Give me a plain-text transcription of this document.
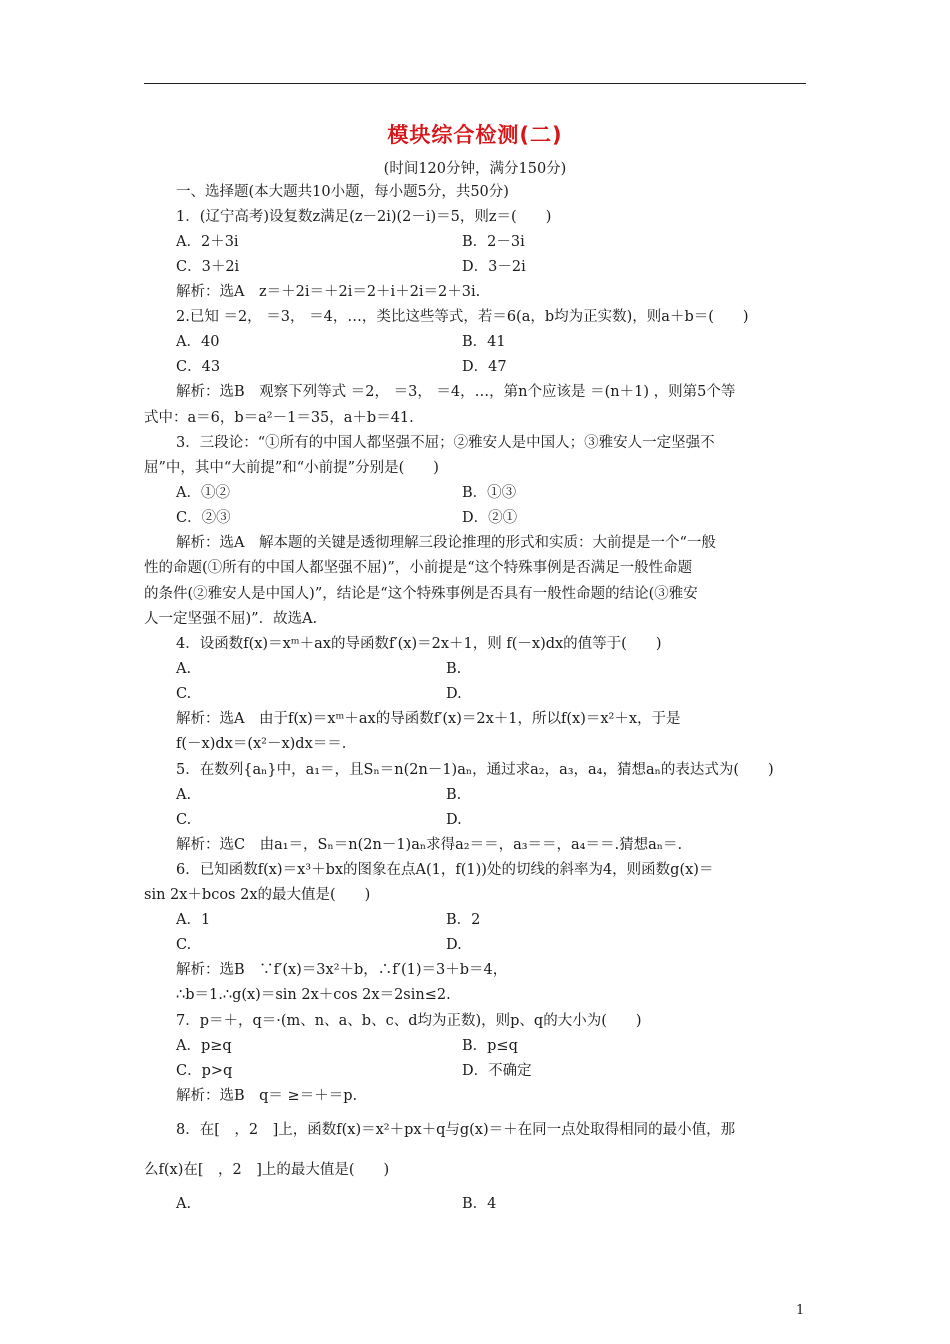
模块综合检测(二)
(时间120分钟，满分150分)
一、选择题(本大题共10小题，每小题5分，共50分)
1．(辽宁高考)设复数z满足(z－2i)(2－i)＝5，则z＝(　　)
A．2＋3i	B．2－3i
C．3＋2i	D．3－2i
解析：选A　z＝＋2i＝＋2i＝2＋i＋2i＝2＋3i.
2.已知 ＝2， ＝3， ＝4，…，类比这些等式，若＝6(a，b均为正实数)，则a＋b＝(　　)
A．40	B．41
C．43	D．47
解析：选B　观察下列等式 ＝2， ＝3， ＝4，…，第n个应该是 ＝(n＋1) ，则第5个等
式中：a＝6，b＝a²－1＝35，a＋b＝41.
3．三段论：“①所有的中国人都坚强不屈；②雅安人是中国人；③雅安人一定坚强不
屈”中，其中“大前提”和“小前提”分别是(　　)
A．①②	B．①③
C．②③	D．②①
解析：选A　解本题的关键是透彻理解三段论推理的形式和实质：大前提是一个“一般
性的命题(①所有的中国人都坚强不屈)”，小前提是“这个特殊事例是否满足一般性命题
的条件(②雅安人是中国人)”，结论是“这个特殊事例是否具有一般性命题的结论(③雅安
人一定坚强不屈)”．故选A.
4．设函数f(x)＝xᵐ＋ax的导函数f′(x)＝2x＋1，则 f(－x)dx的值等于(　　)
A.	B.
C.	D.
解析：选A　由于f(x)＝xᵐ＋ax的导函数f′(x)＝2x＋1，所以f(x)＝x²＋x，于是
f(－x)dx＝(x²－x)dx＝＝.
5．在数列{aₙ}中，a₁＝，且Sₙ＝n(2n－1)aₙ，通过求a₂，a₃，a₄，猜想aₙ的表达式为(　　)
A.	B.
C.	D.
解析：选C　由a₁＝，Sₙ＝n(2n－1)aₙ求得a₂＝＝，a₃＝＝，a₄＝＝.猜想aₙ＝.
6．已知函数f(x)＝x³＋bx的图象在点A(1，f(1))处的切线的斜率为4，则函数g(x)＝
sin 2x＋bcos 2x的最大值是(　　)
A．1	B．2
C.	D.
解析：选B　∵f′(x)＝3x²＋b，∴f′(1)＝3＋b＝4，
∴b＝1.∴g(x)＝sin 2x＋cos 2x＝2sin≤2.
7．p＝＋，q＝·(m、n、a、b、c、d均为正数)，则p、q的大小为(　　)
A．p≥q	B．p≤q
C．p>q	D．不确定
解析：选B　q＝ ≥＝＋＝p.
8．在[　，2　]上，函数f(x)＝x²＋px＋q与g(x)＝＋在同一点处取得相同的最小值，那
么f(x)在[　，2　]上的最大值是(　　)
A.	B．4
1
